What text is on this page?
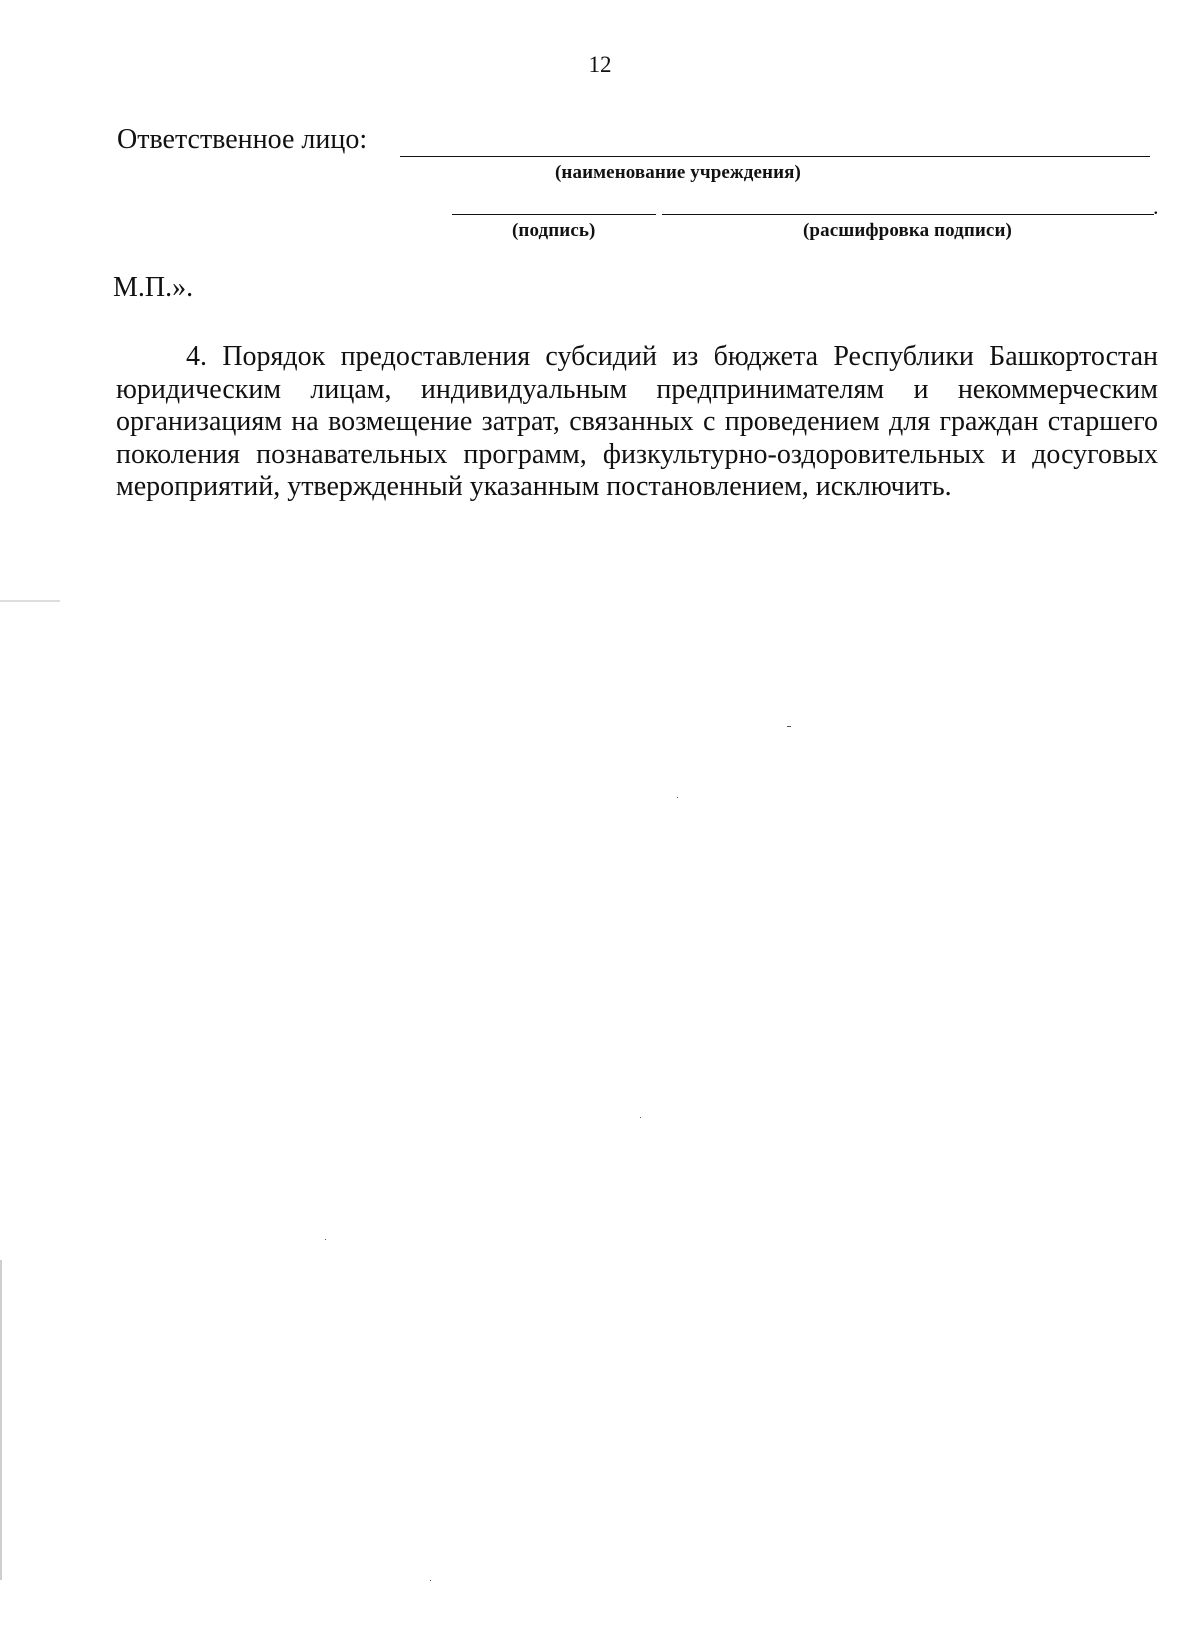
12
Ответственное лицо:
(наименование учреждения)
.
(подпись)	(расшифровка подписи)
М.П.».

4. Порядок предоставления субсидий из бюджета Республики Башкортостан юридическим лицам, индивидуальным предпринимателям и некоммерческим организациям на возмещение затрат, связанных с проведением для граждан старшего поколения познавательных программ, физкультурно-оздоровительных и досуговых мероприятий, утвержденный указанным постановлением, исключить.
